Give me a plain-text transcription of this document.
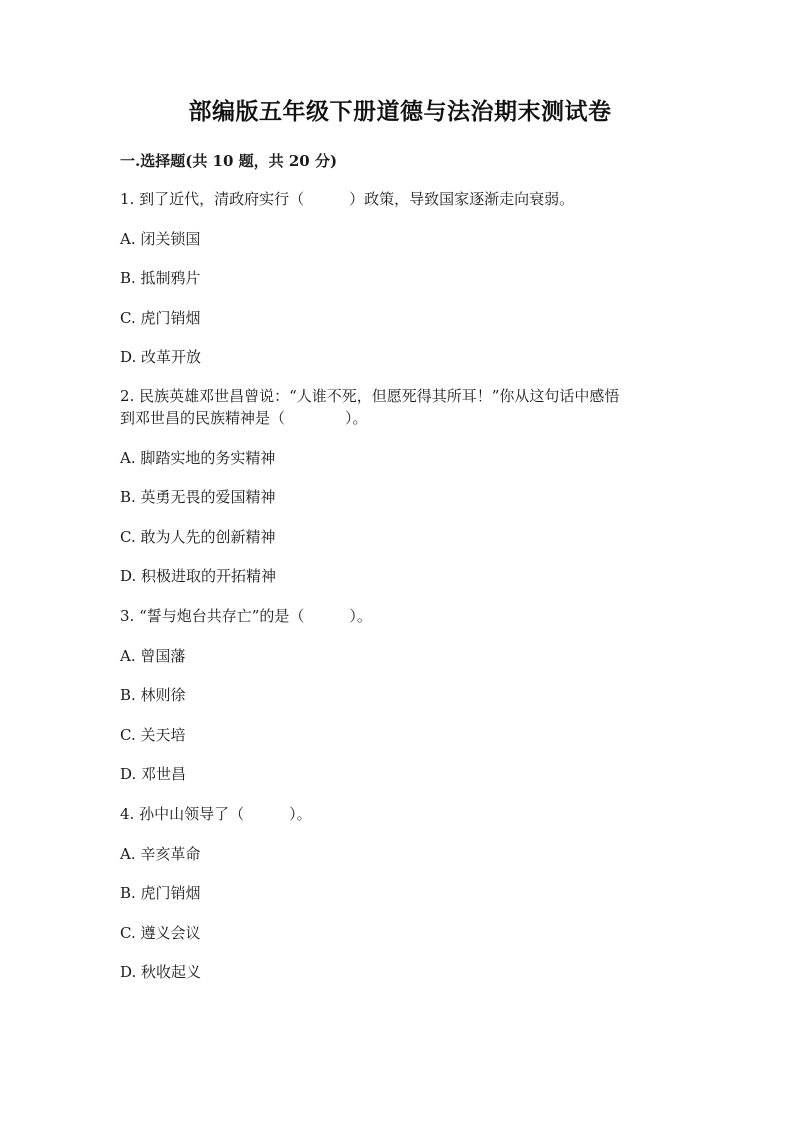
部编版五年级下册道德与法治期末测试卷
一.选择题(共 10 题，共 20 分)
1. 到了近代，清政府实行（　　　）政策，导致国家逐渐走向衰弱。
A. 闭关锁国
B. 抵制鸦片
C. 虎门销烟
D. 改革开放
2. 民族英雄邓世昌曾说：“人谁不死，但愿死得其所耳！”你从这句话中感悟
到邓世昌的民族精神是（　　　　）。
A. 脚踏实地的务实精神
B. 英勇无畏的爱国精神
C. 敢为人先的创新精神
D. 积极进取的开拓精神
3. “誓与炮台共存亡”的是（　　　）。
A. 曾国藩
B. 林则徐
C. 关天培
D. 邓世昌
4. 孙中山领导了（　　　）。
A. 辛亥革命
B. 虎门销烟
C. 遵义会议
D. 秋收起义
